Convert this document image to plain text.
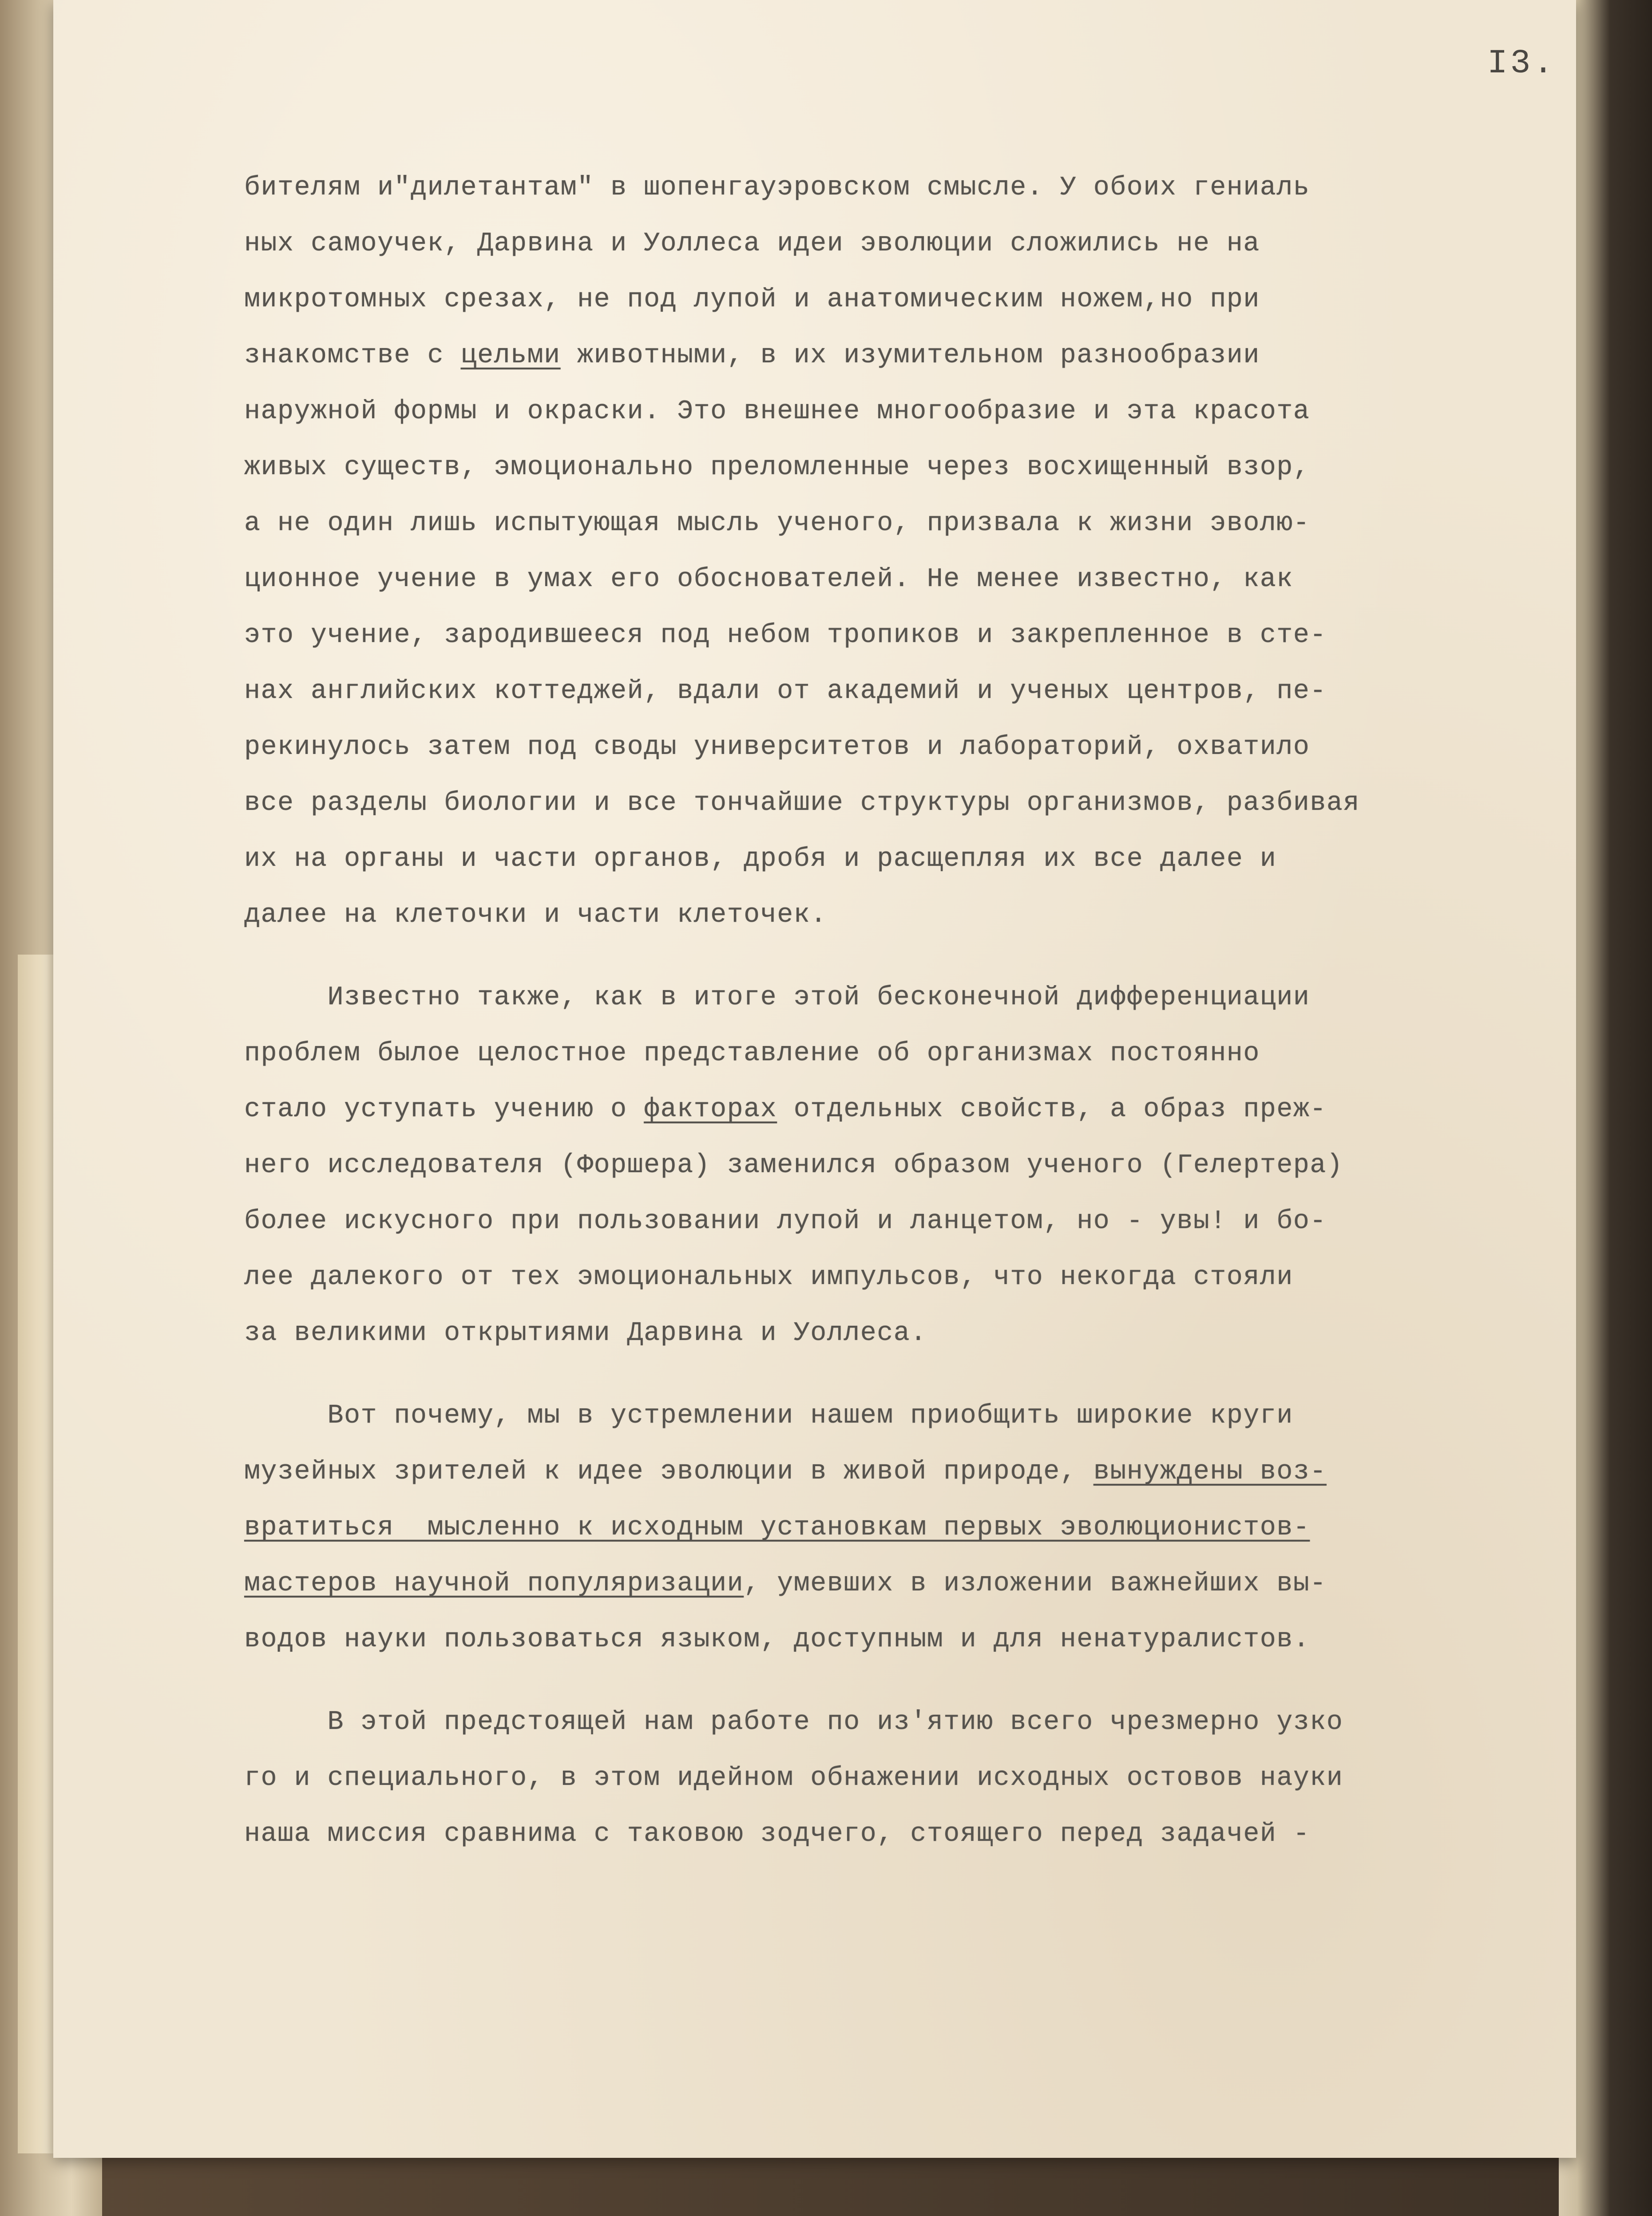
I3.
бителям и"дилетантам" в шопенгауэровском смысле. У обоих гениаль
ных самоучек, Дарвина и Уоллеса идеи эволюции сложились не на
микротомных срезах, не под лупой и анатомическим ножем,но при
знакомстве с цельми животными, в их изумительном разнообразии
наружной формы и окраски. Это внешнее многообразие и эта красота
живых существ, эмоционально преломленные через восхищенный взор,
а не один лишь испытующая мысль ученого, призвала к жизни эволю-
ционное учение в умах его обоснователей. Не менее известно, как
это учение, зародившееся под небом тропиков и закрепленное в сте-
нах английских коттеджей, вдали от академий и ученых центров, пе-
рекинулось затем под своды университетов и лабораторий, охватило
все разделы биологии и все тончайшие структуры организмов, разбивая
их на органы и части органов, дробя и расщепляя их все далее и
далее на клеточки и части клеточек.
Известно также, как в итоге этой бесконечной дифференциации
проблем былое целостное представление об организмах постоянно
стало уступать учению о факторах отдельных свойств, а образ преж-
него исследователя (Форшера) заменился образом ученого (Гелертера)
более искусного при пользовании лупой и ланцетом, но - увы! и бо-
лее далекого от тех эмоциональных импульсов, что некогда стояли
за великими открытиями Дарвина и Уоллеса.
Вот почему, мы в устремлении нашем приобщить широкие круги
музейных зрителей к идее эволюции в живой природе, вынуждены воз-
вратиться  мысленно к исходным установкам первых эволюционистов-
мастеров научной популяризации, умевших в изложении важнейших вы-
водов науки пользоваться языком, доступным и для ненатуралистов.
В этой предстоящей нам работе по из'ятию всего чрезмерно узко
го и специального, в этом идейном обнажении исходных остовов науки
наша миссия сравнима с таковою зодчего, стоящего перед задачей -
